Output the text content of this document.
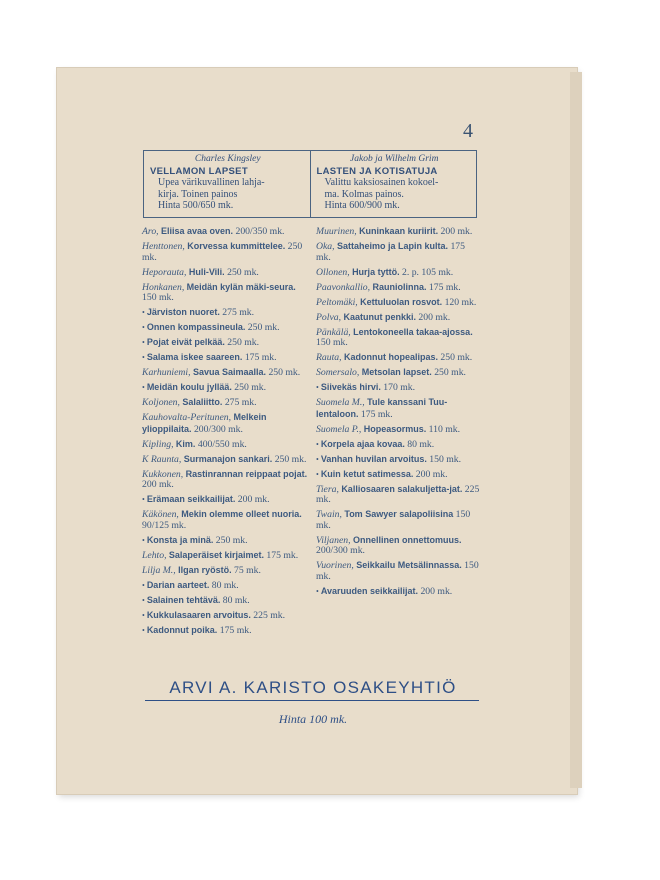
4
Charles Kingsley
VELLAMON LAPSET
Upea värikuvallinen lahja-
kirja. Toinen painos
Hinta 500/650 mk.
Jakob ja Wilhelm Grim
LASTEN JA KOTISATUJA
Valittu kaksiosainen kokoel-
ma. Kolmas painos.
Hinta 600/900 mk.
Aro, Eliisa avaa oven. 200/350 mk.
Henttonen, Korvessa kummittelee. 250 mk.
Heporauta, Huli-Vili. 250 mk.
Honkanen, Meidän kylän mäki-seura. 150 mk.
• Järviston nuoret. 275 mk.
• Onnen kompassineula. 250 mk.
• Pojat eivät pelkää. 250 mk.
• Salama iskee saareen. 175 mk.
Karhuniemi, Savua Saimaalla. 250 mk.
• Meidän koulu jyllää. 250 mk.
Koljonen, Salaliitto. 275 mk.
Kauhovalta-Peritunen, Melkein ylioppilaita. 200/300 mk.
Kipling, Kim. 400/550 mk.
K Raunta, Surmanajon sankari. 250 mk.
Kukkonen, Rastinrannan reippaat pojat. 200 mk.
• Erämaan seikkailijat. 200 mk.
Käkönen, Mekin olemme olleet nuoria. 90/125 mk.
• Konsta ja minä. 250 mk.
Lehto, Salaperäiset kirjaimet. 175 mk.
Lilja M., Ilgan ryöstö. 75 mk.
• Darian aarteet. 80 mk.
• Salainen tehtävä. 80 mk.
• Kukkulasaaren arvoitus. 225 mk.
• Kadonnut poika. 175 mk.
Muurinen, Kuninkaan kuriirit. 200 mk.
Oka, Sattaheimo ja Lapin kulta. 175 mk.
Ollonen, Hurja tyttö. 2. p. 105 mk.
Paavonkallio, Rauniolinna. 175 mk.
Peltomäki, Kettuluolan rosvot. 120 mk.
Polva, Kaatunut penkki. 200 mk.
Pänkälä, Lentokoneella takaa-ajossa. 150 mk.
Rauta, Kadonnut hopealipas. 250 mk.
Somersalo, Metsolan lapset. 250 mk.
• Siivekäs hirvi. 170 mk.
Suomela M., Tule kanssani Tuu-lentaloon. 175 mk.
Suomela P., Hopeasormus. 110 mk.
• Korpela ajaa kovaa. 80 mk.
• Vanhan huvilan arvoitus. 150 mk.
• Kuin ketut satimessa. 200 mk.
Tiera, Kalliosaaren salakuljetta-jat. 225 mk.
Twain, Tom Sawyer salapoliisina 150 mk.
Viljanen, Onnellinen onnettomuus. 200/300 mk.
Vuorinen, Seikkailu Metsälinnassa. 150 mk.
• Avaruuden seikkailijat. 200 mk.
ARVI A. KARISTO OSAKEYHTIÖ
Hinta 100 mk.
